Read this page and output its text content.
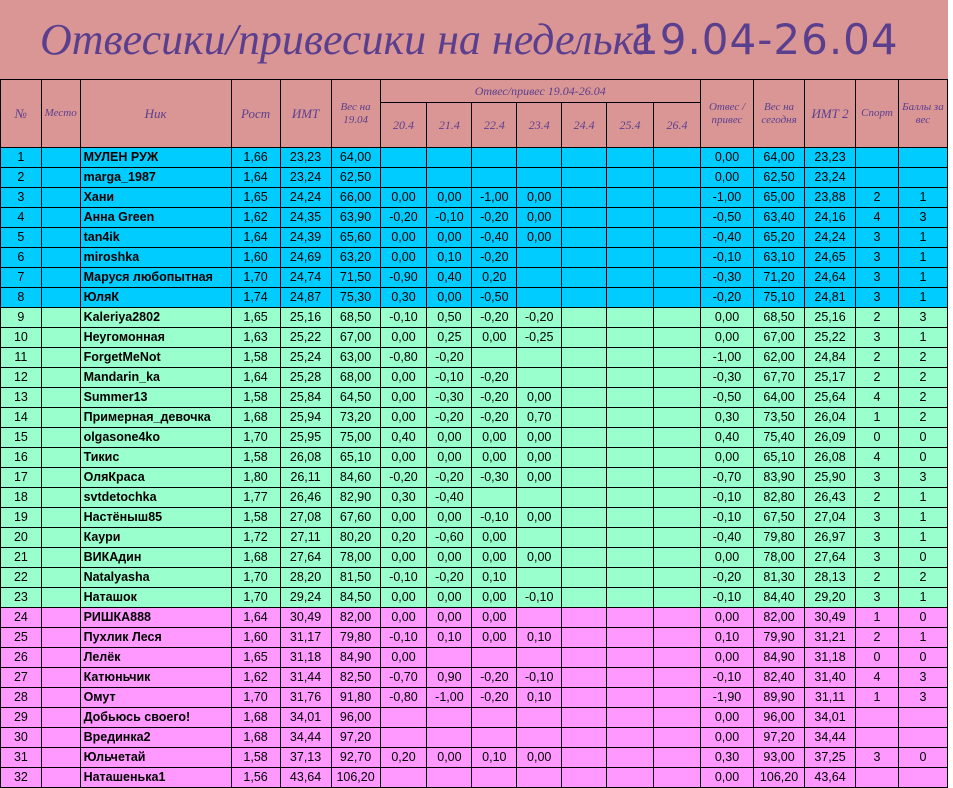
Отвесики/привесики на недельке
19.04-26.04
№	Место	Ник	Рост	ИМТ	Вес на 19.04	Отвес/привес 19.04-26.04							Отвес /привес	Вес на сегодня	ИМТ 2	Спорт	Баллы за вес
						20.4	21.4	22.4	23.4	24.4	25.4	26.4					
1		МУЛЕН РУЖ	1,66	23,23	64,00								0,00	64,00	23,23		
2		marga_1987	1,64	23,24	62,50								0,00	62,50	23,24		
3		Хани	1,65	24,24	66,00	0,00	0,00	-1,00	0,00				-1,00	65,00	23,88	2	1
4		Анна Green	1,62	24,35	63,90	-0,20	-0,10	-0,20	0,00				-0,50	63,40	24,16	4	3
5		tan4ik	1,64	24,39	65,60	0,00	0,00	-0,40	0,00				-0,40	65,20	24,24	3	1
6		miroshka	1,60	24,69	63,20	0,00	0,10	-0,20					-0,10	63,10	24,65	3	1
7		Маруся любопытная	1,70	24,74	71,50	-0,90	0,40	0,20					-0,30	71,20	24,64	3	1
8		ЮляК	1,74	24,87	75,30	0,30	0,00	-0,50					-0,20	75,10	24,81	3	1
9		Kaleriya2802	1,65	25,16	68,50	-0,10	0,50	-0,20	-0,20				0,00	68,50	25,16	2	3
10		Неугомонная	1,63	25,22	67,00	0,00	0,25	0,00	-0,25				0,00	67,00	25,22	3	1
11		ForgetMeNot	1,58	25,24	63,00	-0,80	-0,20						-1,00	62,00	24,84	2	2
12		Mandarin_ka	1,64	25,28	68,00	0,00	-0,10	-0,20					-0,30	67,70	25,17	2	2
13		Summer13	1,58	25,84	64,50	0,00	-0,30	-0,20	0,00				-0,50	64,00	25,64	4	2
14		Примерная_девочка	1,68	25,94	73,20	0,00	-0,20	-0,20	0,70				0,30	73,50	26,04	1	2
15		olgasone4ko	1,70	25,95	75,00	0,40	0,00	0,00	0,00				0,40	75,40	26,09	0	0
16		Тикис	1,58	26,08	65,10	0,00	0,00	0,00	0,00				0,00	65,10	26,08	4	0
17		ОляКраса	1,80	26,11	84,60	-0,20	-0,20	-0,30	0,00				-0,70	83,90	25,90	3	3
18		svtdetochka	1,77	26,46	82,90	0,30	-0,40						-0,10	82,80	26,43	2	1
19		Настёныш85	1,58	27,08	67,60	0,00	0,00	-0,10	0,00				-0,10	67,50	27,04	3	1
20		Каури	1,72	27,11	80,20	0,20	-0,60	0,00					-0,40	79,80	26,97	3	1
21		ВИКАдин	1,68	27,64	78,00	0,00	0,00	0,00	0,00				0,00	78,00	27,64	3	0
22		Natalyasha	1,70	28,20	81,50	-0,10	-0,20	0,10					-0,20	81,30	28,13	2	2
23		Наташок	1,70	29,24	84,50	0,00	0,00	0,00	-0,10				-0,10	84,40	29,20	3	1
24		РИШКА888	1,64	30,49	82,00	0,00	0,00	0,00					0,00	82,00	30,49	1	0
25		Пухлик Леся	1,60	31,17	79,80	-0,10	0,10	0,00	0,10				0,10	79,90	31,21	2	1
26		Лелёк	1,65	31,18	84,90	0,00							0,00	84,90	31,18	0	0
27		Катюньчик	1,62	31,44	82,50	-0,70	0,90	-0,20	-0,10				-0,10	82,40	31,40	4	3
28		Омут	1,70	31,76	91,80	-0,80	-1,00	-0,20	0,10				-1,90	89,90	31,11	1	3
29		Добьюсь своего!	1,68	34,01	96,00								0,00	96,00	34,01		
30		Врединка2	1,68	34,44	97,20								0,00	97,20	34,44		
31		Юльчетай	1,58	37,13	92,70	0,20	0,00	0,10	0,00				0,30	93,00	37,25	3	0
32		Наташенька1	1,56	43,64	106,20								0,00	106,20	43,64		
